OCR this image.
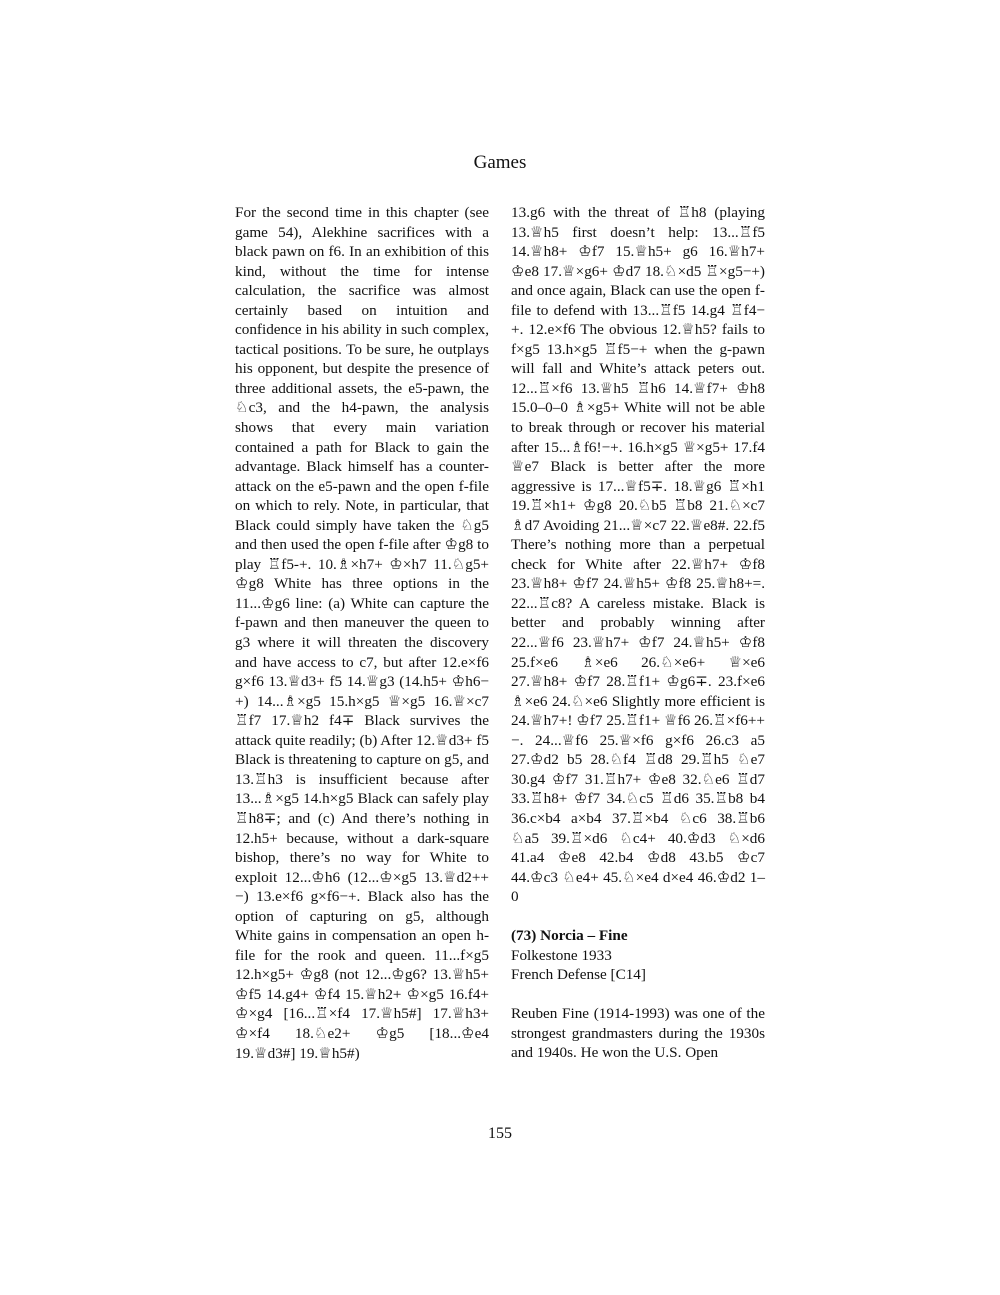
Games

For the second time in this chapter (see game 54), Alekhine sacrifices with a black pawn on f6. In an exhibition of this kind, without the time for intense calculation, the sacrifice was almost certainly based on intuition and confidence in his ability in such complex, tactical positions. To be sure, he outplays his opponent, but despite the presence of three additional assets, the e5-pawn, the ♘c3, and the h4-pawn, the analysis shows that every main variation contained a path for Black to gain the advantage. Black himself has a counter-attack on the e5-pawn and the open f-file on which to rely. Note, in particular, that Black could simply have taken the ♘g5 and then used the open f-file after ♔g8 to play ♖f5-+. 10.♗×h7+ ♔×h7 11.♘g5+ ♔g8 White has three options in the 11...♔g6 line: (a) White can capture the f-pawn and then maneuver the queen to g3 where it will threaten the discovery and have access to c7, but after 12.e×f6 g×f6 13.♕d3+ f5 14.♕g3 (14.h5+ ♔h6−+) 14...♗×g5 15.h×g5 ♕×g5 16.♕×c7 ♖f7 17.♕h2 f4∓ Black survives the attack quite readily; (b) After 12.♕d3+ f5 Black is threatening to capture on g5, and 13.♖h3 is insufficient because after 13...♗×g5 14.h×g5 Black can safely play ♖h8∓; and (c) And there’s nothing in 12.h5+ because, without a dark-square bishop, there’s no way for White to exploit 12...♔h6 (12...♔×g5 13.♕d2++−) 13.e×f6 g×f6−+. Black also has the option of capturing on g5, although White gains in compensation an open h-file for the rook and queen. 11...f×g5 12.h×g5+ ♔g8 (not 12...♔g6? 13.♕h5+ ♔f5 14.g4+ ♔f4 15.♕h2+ ♔×g5 16.f4+ ♔×g4 [16...♖×f4 17.♕h5#] 17.♕h3+ ♔×f4 18.♘e2+ ♔g5 [18...♔e4 19.♕d3#] 19.♕h5#)

13.g6 with the threat of ♖h8 (playing 13.♕h5 first doesn’t help: 13...♖f5 14.♕h8+ ♔f7 15.♕h5+ g6 16.♕h7+ ♔e8 17.♕×g6+ ♔d7 18.♘×d5 ♖×g5−+) and once again, Black can use the open f-file to defend with 13...♖f5 14.g4 ♖f4−+. 12.e×f6 The obvious 12.♕h5? fails to f×g5 13.h×g5 ♖f5−+ when the g-pawn will fall and White’s attack peters out. 12...♖×f6 13.♕h5 ♖h6 14.♕f7+ ♔h8 15.0–0–0 ♗×g5+ White will not be able to break through or recover his material after 15...♗f6!−+. 16.h×g5 ♕×g5+ 17.f4 ♕e7 Black is better after the more aggressive is 17...♕f5∓. 18.♕g6 ♖×h1 19.♖×h1+ ♔g8 20.♘b5 ♖b8 21.♘×c7 ♗d7 Avoiding 21...♕×c7 22.♕e8#. 22.f5 There’s nothing more than a perpetual check for White after 22.♕h7+ ♔f8 23.♕h8+ ♔f7 24.♕h5+ ♔f8 25.♕h8+=. 22...♖c8? A careless mistake. Black is better and probably winning after 22...♕f6 23.♕h7+ ♔f7 24.♕h5+ ♔f8 25.f×e6 ♗×e6 26.♘×e6+ ♕×e6 27.♕h8+ ♔f7 28.♖f1+ ♔g6∓. 23.f×e6 ♗×e6 24.♘×e6 Slightly more efficient is 24.♕h7+! ♔f7 25.♖f1+ ♕f6 26.♖×f6++−. 24...♕f6 25.♕×f6 g×f6 26.c3 a5 27.♔d2 b5 28.♘f4 ♖d8 29.♖h5 ♘e7 30.g4 ♔f7 31.♖h7+ ♔e8 32.♘e6 ♖d7 33.♖h8+ ♔f7 34.♘c5 ♖d6 35.♖b8 b4 36.c×b4 a×b4 37.♖×b4 ♘c6 38.♖b6 ♘a5 39.♖×d6 ♘c4+ 40.♔d3 ♘×d6 41.a4 ♔e8 42.b4 ♔d8 43.b5 ♔c7 44.♔c3 ♘e4+ 45.♘×e4 d×e4 46.♔d2 1–0

(73) Norcia – Fine
Folkestone 1933
French Defense [C14]

Reuben Fine (1914-1993) was one of the strongest grandmasters during the 1930s and 1940s. He won the U.S. Open

155
